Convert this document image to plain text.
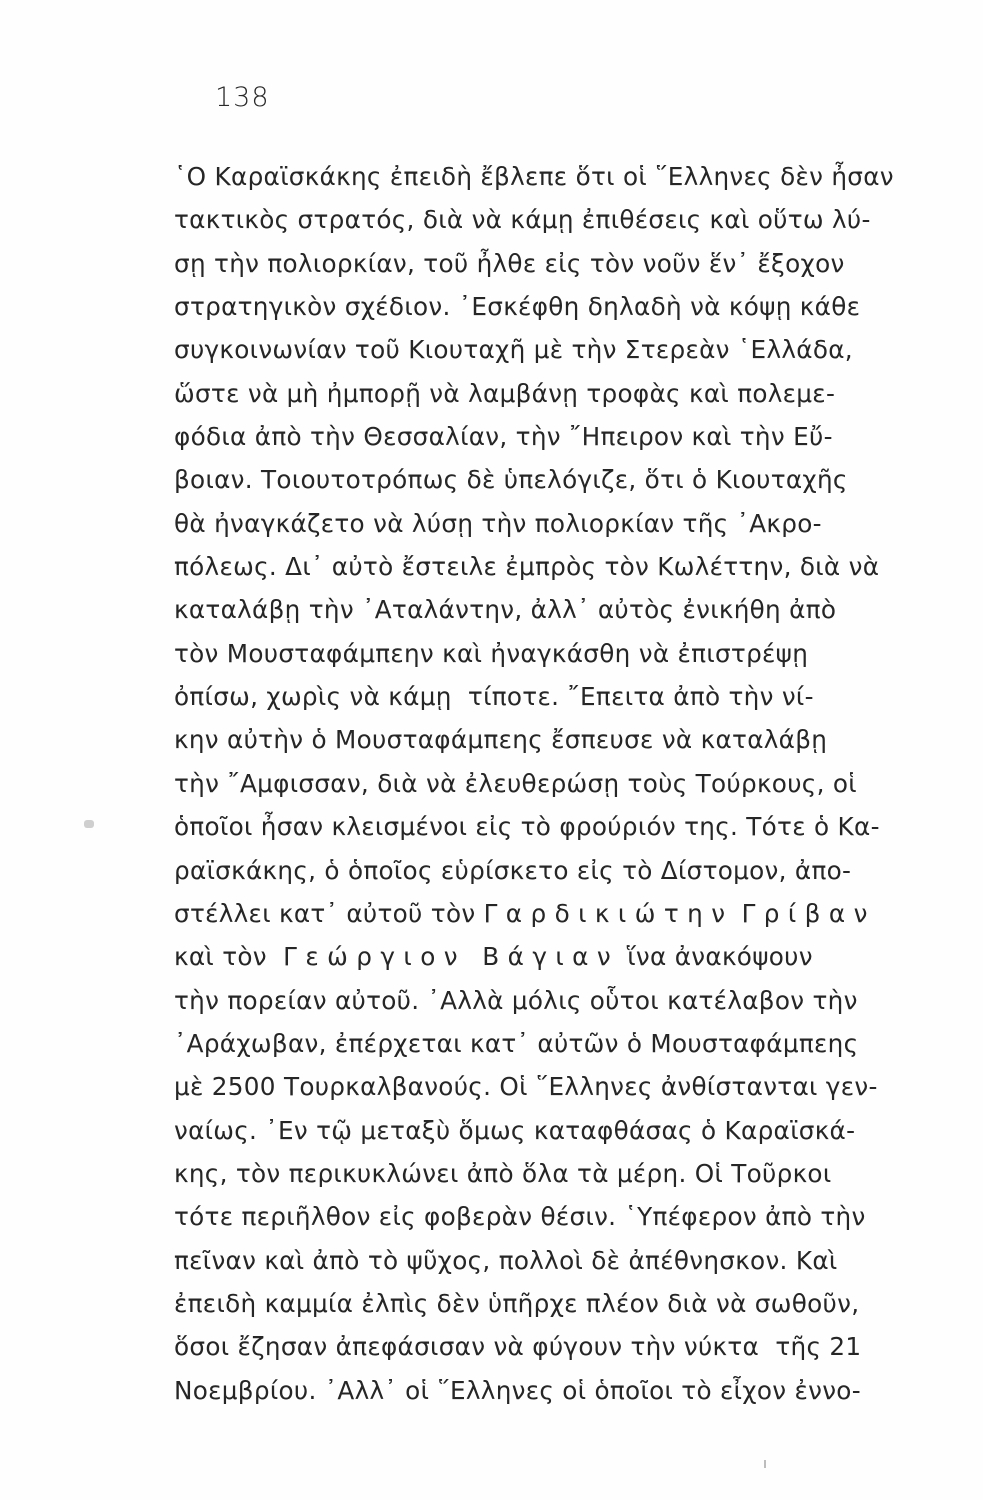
138
῾Ο Καραϊσκάκης ἐπειδὴ ἔβλεπε ὅτι οἱ ῞Ελληνες δὲν ἦσαν
τακτικὸς στρατός, διὰ νὰ κάμῃ ἐπιθέσεις καὶ οὕτω λύ-
σῃ τὴν πολιορκίαν, τοῦ ἦλθε εἰς τὸν νοῦν ἕν᾽ ἔξοχον
στρατηγικὸν σχέδιον. ᾽Εσκέφθη δηλαδὴ νὰ κόψῃ κάθε
συγκοινωνίαν τοῦ Κιουταχῆ μὲ τὴν Στερεὰν ῾Ελλάδα,
ὥστε νὰ μὴ ἠμπορῇ νὰ λαμβάνῃ τροφὰς καὶ πολεμε-
φόδια ἀπὸ τὴν Θεσσαλίαν, τὴν ῎Ηπειρον καὶ τὴν Εὔ-
βοιαν. Τοιουτοτρόπως δὲ ὑπελόγιζε, ὅτι ὁ Κιουταχῆς
θὰ ἠναγκάζετο νὰ λύσῃ τὴν πολιορκίαν τῆς ᾽Ακρο-
πόλεως. Δι᾽ αὐτὸ ἔστειλε ἐμπρὸς τὸν Κωλέττην, διὰ νὰ
καταλάβῃ τὴν ᾽Αταλάντην, ἀλλ᾽ αὐτὸς ἐνικήθη ἀπὸ
τὸν Μουσταφάμπεην καὶ ἠναγκάσθη νὰ ἐπιστρέψῃ
ὀπίσω, χωρὶς νὰ κάμῃ  τίποτε. ῎Επειτα ἀπὸ τὴν νί-
κην αὐτὴν ὁ Μουσταφάμπεης ἔσπευσε νὰ καταλάβῃ
τὴν ῎Αμφισσαν, διὰ νὰ ἐλευθερώσῃ τοὺς Τούρκους, οἱ
ὁποῖοι ἦσαν κλεισμένοι εἰς τὸ φρούριόν της. Τότε ὁ Κα-
ραϊσκάκης, ὁ ὁποῖος εὑρίσκετο εἰς τὸ Δίστομον, ἀπο-
στέλλει κατ᾽ αὐτοῦ τὸν Γ α ρ δ ι κ ι ώ τ η ν  Γ ρ ί β α ν
καὶ τὸν  Γ ε ώ ρ γ ι ο ν   Β ά γ ι α ν  ἵνα ἀνακόψουν
τὴν πορείαν αὐτοῦ. ᾽Αλλὰ μόλις οὗτοι κατέλαβον τὴν
᾽Αράχωβαν, ἐπέρχεται κατ᾽ αὐτῶν ὁ Μουσταφάμπεης
μὲ 2500 Τουρκαλβανούς. Οἱ ῞Ελληνες ἀνθίστανται γεν-
ναίως. ᾽Εν τῷ μεταξὺ ὅμως καταφθάσας ὁ Καραϊσκά-
κης, τὸν περικυκλώνει ἀπὸ ὅλα τὰ μέρη. Οἱ Τοῦρκοι
τότε περιῆλθον εἰς φοβερὰν θέσιν. ῾Υπέφερον ἀπὸ τὴν
πεῖναν καὶ ἀπὸ τὸ ψῦχος, πολλοὶ δὲ ἀπέθνησκον. Καὶ
ἐπειδὴ καμμία ἐλπὶς δὲν ὑπῆρχε πλέον διὰ νὰ σωθοῦν,
ὅσοι ἔζησαν ἀπεφάσισαν νὰ φύγουν τὴν νύκτα  τῆς 21
Νοεμβρίου. ᾽Αλλ᾽ οἱ ῞Ελληνες οἱ ὁποῖοι τὸ εἶχον ἐννο-
